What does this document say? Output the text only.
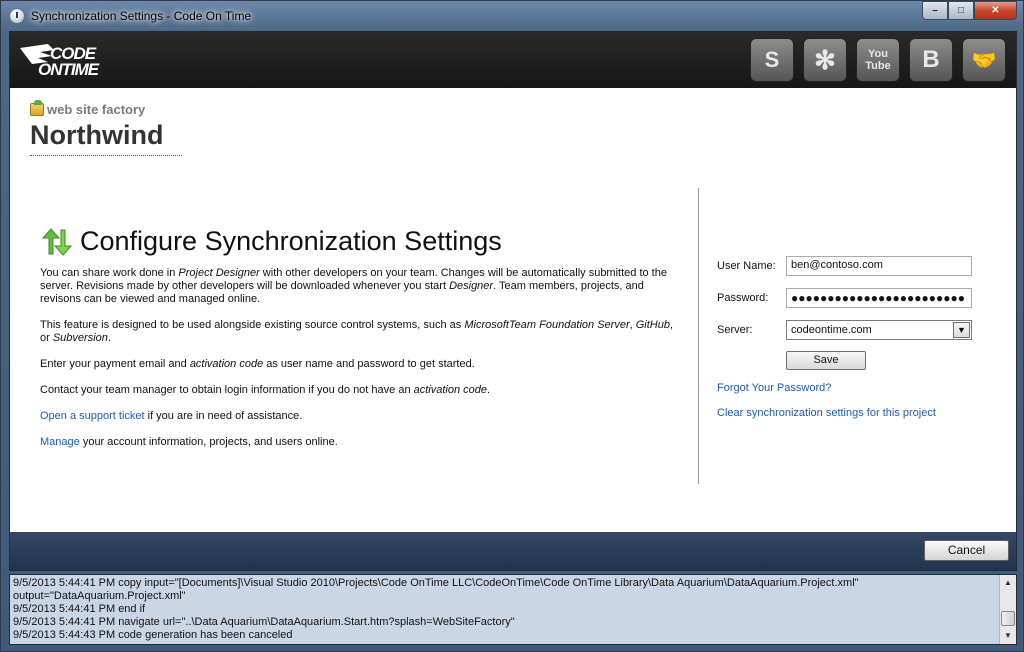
Synchronization Settings - Code On Time	–	□	✕
CODE
ONTIME	S	✻	You Tube	B	🤝
web site factory
Northwind
Configure Synchronization Settings

You can share work done in Project Designer with other developers on your team. Changes will be automatically submitted to the server. Revisions made by other developers will be downloaded whenever you start Designer. Team members, projects, and revisons can be viewed and managed online.

This feature is designed to be used alongside existing source control systems, such as MicrosoftTeam Foundation Server, GitHub, or Subversion.

Enter your payment email and activation code as user name and password to get started.

Contact your team manager to obtain login information if you do not have an activation code.

Open a support ticket if you are in need of assistance.

Manage your account information, projects, and users online.

User Name:	ben@contoso.com
Password:	●●●●●●●●●●●●●●●●●●●●●●●●
Server:	codeontime.com	▼
Save
Forgot Your Password?
Clear synchronization settings for this project
Cancel
9/5/2013 5:44:41 PM copy input="[Documents]\Visual Studio 2010\Projects\Code OnTime LLC\CodeOnTime\Code OnTime Library\Data Aquarium\DataAquarium.Project.xml"
output="DataAquarium.Project.xml"
9/5/2013 5:44:41 PM end if
9/5/2013 5:44:41 PM navigate url="..\Data Aquarium\DataAquarium.Start.htm?splash=WebSiteFactory"
9/5/2013 5:44:43 PM code generation has been canceled
▲
▼
